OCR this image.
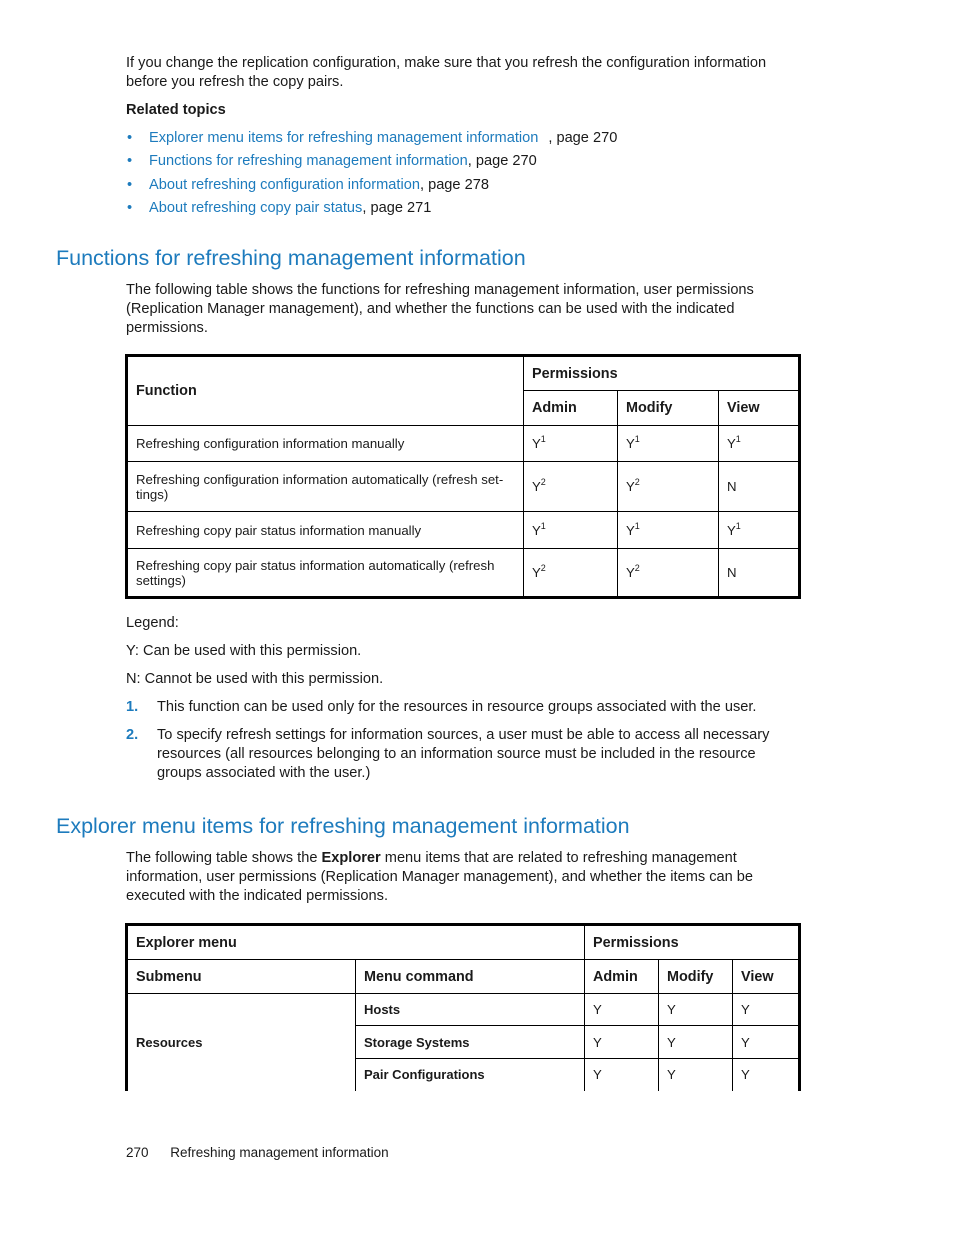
If you change the replication configuration, make sure that you refresh the configuration information
before you refresh the copy pairs.
Related topics
• Explorer menu items for refreshing management information , page 270
• Functions for refreshing management information, page 270
• About refreshing configuration information, page 278
• About refreshing copy pair status, page 271
Functions for refreshing management information
The following table shows the functions for refreshing management information, user permissions
(Replication Manager management), and whether the functions can be used with the indicated
permissions.
Function	Permissions		
	Admin	Modify	View
Refreshing configuration information manually	$Y^1$	$Y^1$	$Y^1$

Refreshing configuration information automatically (refresh set-
tings)	$Y^2$	$Y^2$	N
Refreshing copy pair status information manually	$Y^1$	$Y^1$	$Y^1$

Refreshing copy pair status information automatically (refresh
settings)	$Y^2$	$Y^2$	N
Legend:
Y: Can be used with this permission.
N: Cannot be used with this permission.
1. This function can be used only for the resources in resource groups associated with the user.
2. To specify refresh settings for information sources, a user must be able to access all necessary
resources (all resources belonging to an information source must be included in the resource
groups associated with the user.)
Explorer menu items for refreshing management information
The following table shows the Explorer menu items that are related to refreshing management
information, user permissions (Replication Manager management), and whether the items can be
executed with the indicated permissions.
Explorer menu		Permissions		
Submenu	Menu command	Admin	Modify	View
Resources	Hosts	Y	Y	Y
	Storage Systems	Y	Y	Y
	Pair Configurations	Y	Y	Y
270 Refreshing management information
